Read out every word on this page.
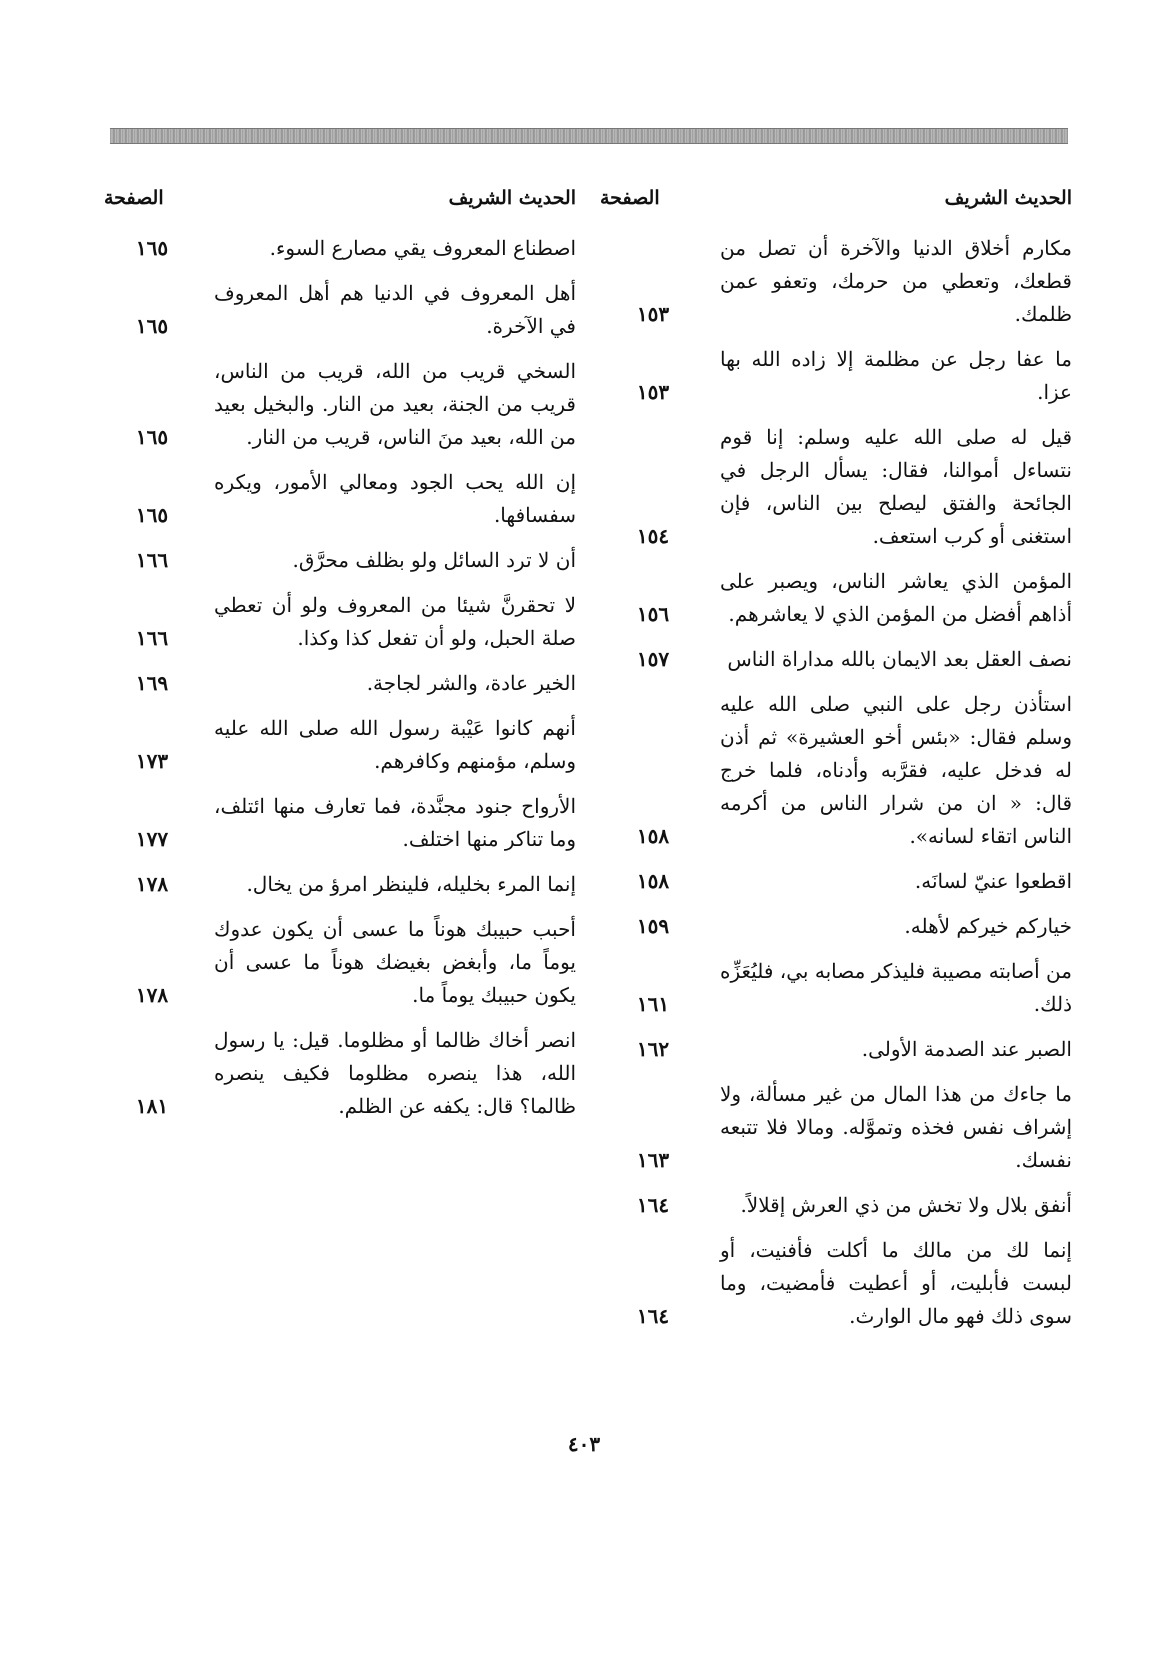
الحديث الشريف
الصفحة
مكارم أخلاق الدنيا والآخرة أن تصل من قطعك، وتعطي من حرمك، وتعفو عمن ظلمك.
١٥٣
ما عفا رجل عن مظلمة إلا زاده الله بها عزا.
١٥٣
قيل له صلى الله عليه وسلم: إنا قوم نتساءل أموالنا، فقال: يسأل الرجل في الجائحة والفتق ليصلح بين الناس، فإن استغنى أو كرب استعف.
١٥٤
المؤمن الذي يعاشر الناس، ويصبر على أذاهم أفضل من المؤمن الذي لا يعاشرهم.
١٥٦
نصف العقل بعد الايمان بالله مداراة الناس
١٥٧
استأذن رجل على النبي صلى الله عليه وسلم فقال: «بئس أخو العشيرة» ثم أذن له فدخل عليه، فقرَّبه وأدناه، فلما خرج قال: « ان من شرار الناس من أكرمه الناس اتقاء لسانه».
١٥٨
اقطعوا عنيّ لسانَه.
١٥٨
خياركم خيركم لأهله.
١٥٩
من أصابته مصيبة فليذكر مصابه بي، فليُعَزِّه ذلك.
١٦١
الصبر عند الصدمة الأولى.
١٦٢
ما جاءك من هذا المال من غير مسألة، ولا إشراف نفس فخذه وتموَّله. ومالا فلا تتبعه نفسك.
١٦٣
أنفق بلال ولا تخش من ذي العرش إقلالاً.
١٦٤
إنما لك من مالك ما أكلت فأفنيت، أو لبست فأبليت، أو أعطيت فأمضيت، وما سوى ذلك فهو مال الوارث.
١٦٤
الحديث الشريف
الصفحة
اصطناع المعروف يقي مصارع السوء.
١٦٥
أهل المعروف في الدنيا هم أهل المعروف في الآخرة.
١٦٥
السخي قريب من الله، قريب من الناس، قريب من الجنة، بعيد من النار. والبخيل بعيد من الله، بعيد منَ الناس، قريب من النار.
١٦٥
إن الله يحب الجود ومعالي الأمور، ويكره سفسافها.
١٦٥
أن لا ترد السائل ولو بظلف محرَّق.
١٦٦
لا تحقرنَّ شيئا من المعروف ولو أن تعطي صلة الحبل، ولو أن تفعل كذا وكذا.
١٦٦
الخير عادة، والشر لجاجة.
١٦٩
أنهم كانوا عَيْبة رسول الله صلى الله عليه وسلم، مؤمنهم وكافرهم.
١٧٣
الأرواح جنود مجنَّدة، فما تعارف منها ائتلف، وما تناكر منها اختلف.
١٧٧
إنما المرء بخليله، فلينظر امرؤ من يخال.
١٧٨
أحبب حبيبك هوناً ما عسى أن يكون عدوك يوماً ما، وأبغض بغيضك هوناً ما عسى أن يكون حبيبك يوماً ما.
١٧٨
انصر أخاك ظالما أو مظلوما. قيل: يا رسول الله، هذا ينصره مظلوما فكيف ينصره ظالما؟ قال: يكفه عن الظلم.
١٨١
٤٠٣
